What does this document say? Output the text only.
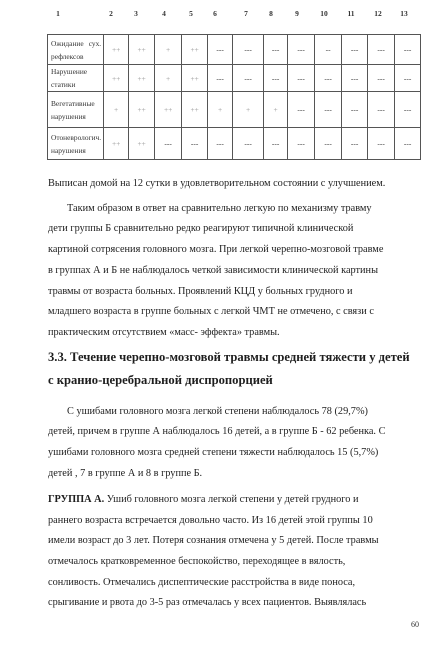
1	2	3	4	5	6	7	8	9	10	11	12 13
Ожидание сух.
рефлексов	++	++	+	++	---	---	---	---	--	---	---	---

Нарушение статики	++	++	+	++	---	---	---	---	---	---	---	---

Вегетативные
нарушения	+	++	++	++	+	+	+	---	---	---	---	---

Отоневрологич.
нарушения	++	++	---	---	---	---	---	---	---	---	---	---
Выписан домой на 12 сутки в удовлетворительном состоянии с улучшением.
Таким образом в ответ на сравнительно легкую по механизму травму
дети группы Б сравнительно редко реагируют типичной клинической
картиной сотрясения головного мозга. При легкой черепно-мозговой травме
в группах А и Б не наблюдалось четкой зависимости клинической картины
травмы от возраста больных. Проявлений КЦД у больных грудного и
младшего возраста в группе больных с легкой ЧМТ не отмечено, с связи с
практическим отсутствием «масс- эффекта» травмы.
3.3. Течение черепно-мозговой травмы средней тяжести у детей
с кранио-церебральной диспропорцией
С ушибами головного мозга легкой степени наблюдалось 78 (29,7%)
детей, причем в группе А наблюдалось 16 детей, а в группе Б - 62 ребенка. С
ушибами головного мозга средней степени тяжести наблюдалось 15 (5,7%)
детей , 7 в группе А и 8 в группе Б.
ГРУППА А. Ушиб головного мозга легкой степени у детей грудного и
раннего возраста встречается довольно часто. Из 16 детей этой группы 10
имели возраст до 3 лет. Потеря сознания отмечена у 5 детей. После травмы
отмечалось кратковременное беспокойство, переходящее в вялость,
сонливость. Отмечались диспептические расстройства в виде поноса,
срыгивание и рвота до 3-5 раз отмечалась у всех пациентов. Выявлялась
60
